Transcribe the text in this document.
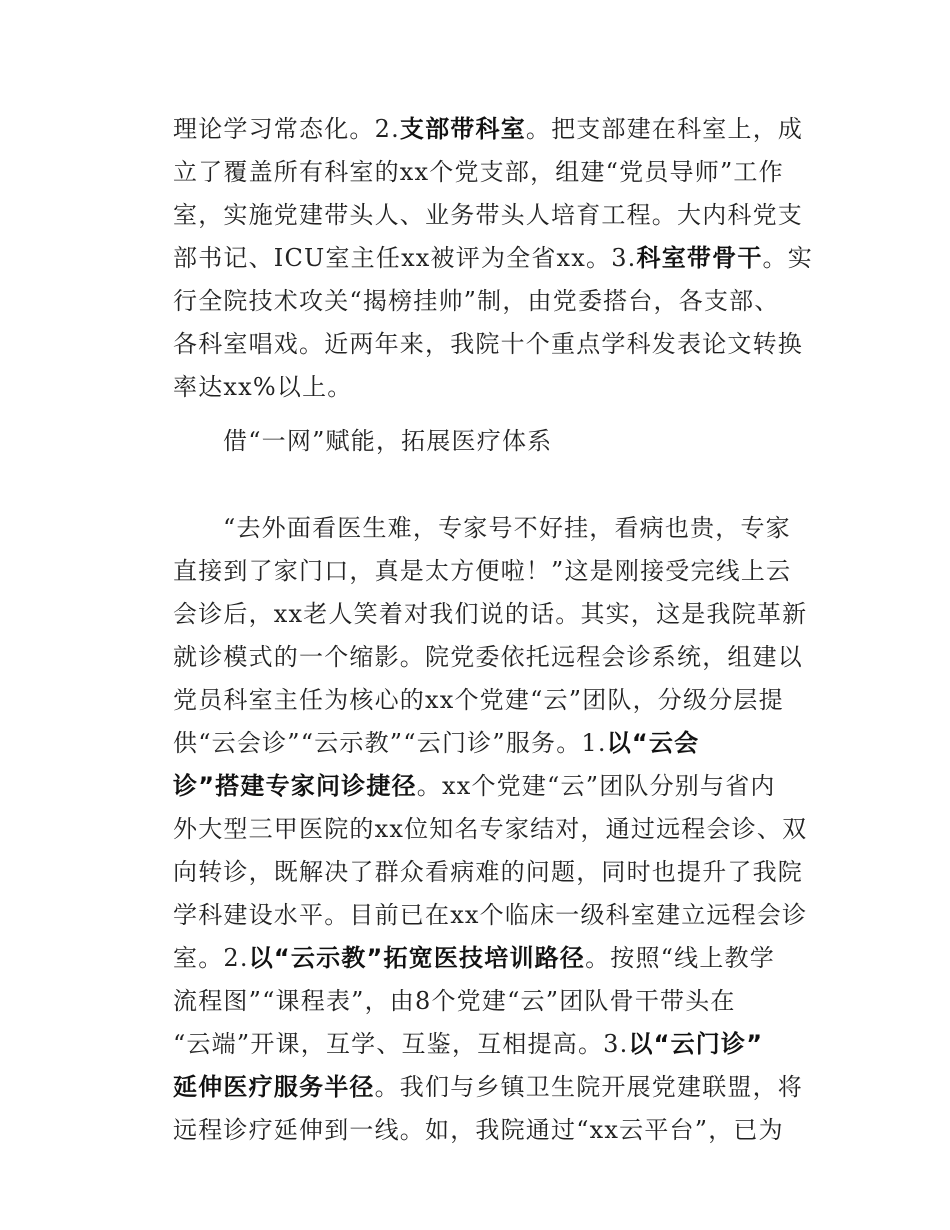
理论学习常态化。2.支部带科室。把支部建在科室上，成
立了覆盖所有科室的xx个党支部，组建“党员导师”工作
室，实施党建带头人、业务带头人培育工程。大内科党支
部书记、ICU室主任xx被评为全省xx。3.科室带骨干。实
行全院技术攻关“揭榜挂帅”制，由党委搭台，各支部、
各科室唱戏。近两年来，我院十个重点学科发表论文转换
率达xx%以上。
借“一网”赋能，拓展医疗体系
“去外面看医生难，专家号不好挂，看病也贵，专家
直接到了家门口，真是太方便啦！”这是刚接受完线上云
会诊后，xx老人笑着对我们说的话。其实，这是我院革新
就诊模式的一个缩影。院党委依托远程会诊系统，组建以
党员科室主任为核心的xx个党建“云”团队，分级分层提
供“云会诊”“云示教”“云门诊”服务。1.以“云会
诊”搭建专家问诊捷径。xx个党建“云”团队分别与省内
外大型三甲医院的xx位知名专家结对，通过远程会诊、双
向转诊，既解决了群众看病难的问题，同时也提升了我院
学科建设水平。目前已在xx个临床一级科室建立远程会诊
室。2.以“云示教”拓宽医技培训路径。按照“线上教学
流程图”“课程表”，由8个党建“云”团队骨干带头在
“云端”开课，互学、互鉴，互相提高。3.以“云门诊”
延伸医疗服务半径。我们与乡镇卫生院开展党建联盟，将
远程诊疗延伸到一线。如，我院通过“xx云平台”，已为
